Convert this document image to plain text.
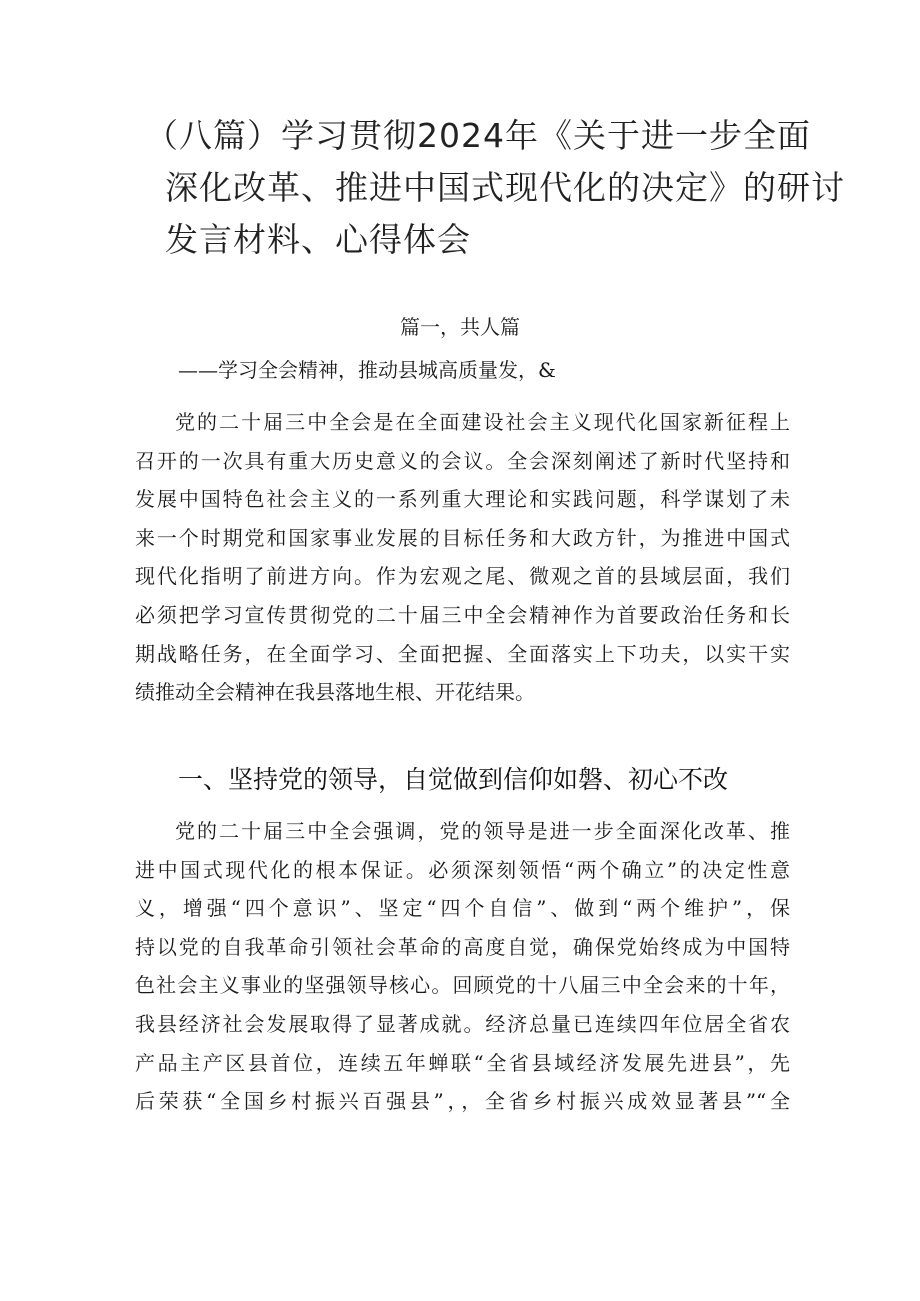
（八篇）学习贯彻2024年《关于进一步全面
深化改革、推进中国式现代化的决定》的研讨
发言材料、心得体会
篇一，共人篇
——学习全会精神，推动县城高质量发，&
党的二十届三中全会是在全面建设社会主义现代化国家新征程上
召开的一次具有重大历史意义的会议。全会深刻阐述了新时代坚持和
发展中国特色社会主义的一系列重大理论和实践问题，科学谋划了未
来一个时期党和国家事业发展的目标任务和大政方针，为推进中国式
现代化指明了前进方向。作为宏观之尾、微观之首的县域层面，我们
必须把学习宣传贯彻党的二十届三中全会精神作为首要政治任务和长
期战略任务，在全面学习、全面把握、全面落实上下功夫，以实干实
绩推动全会精神在我县落地生根、开花结果。
一、坚持党的领导，自觉做到信仰如磐、初心不改
党的二十届三中全会强调，党的领导是进一步全面深化改革、推
进中国式现代化的根本保证。必须深刻领悟“两个确立”的决定性意
义，增强“四个意识”、坚定“四个自信”、做到“两个维护”，保
持以党的自我革命引领社会革命的高度自觉，确保党始终成为中国特
色社会主义事业的坚强领导核心。回顾党的十八届三中全会来的十年，
我县经济社会发展取得了显著成就。经济总量已连续四年位居全省农
产品主产区县首位，连续五年蝉联“全省县域经济发展先进县”，先
后荣获“全国乡村振兴百强县”，，全省乡村振兴成效显著县”“全
